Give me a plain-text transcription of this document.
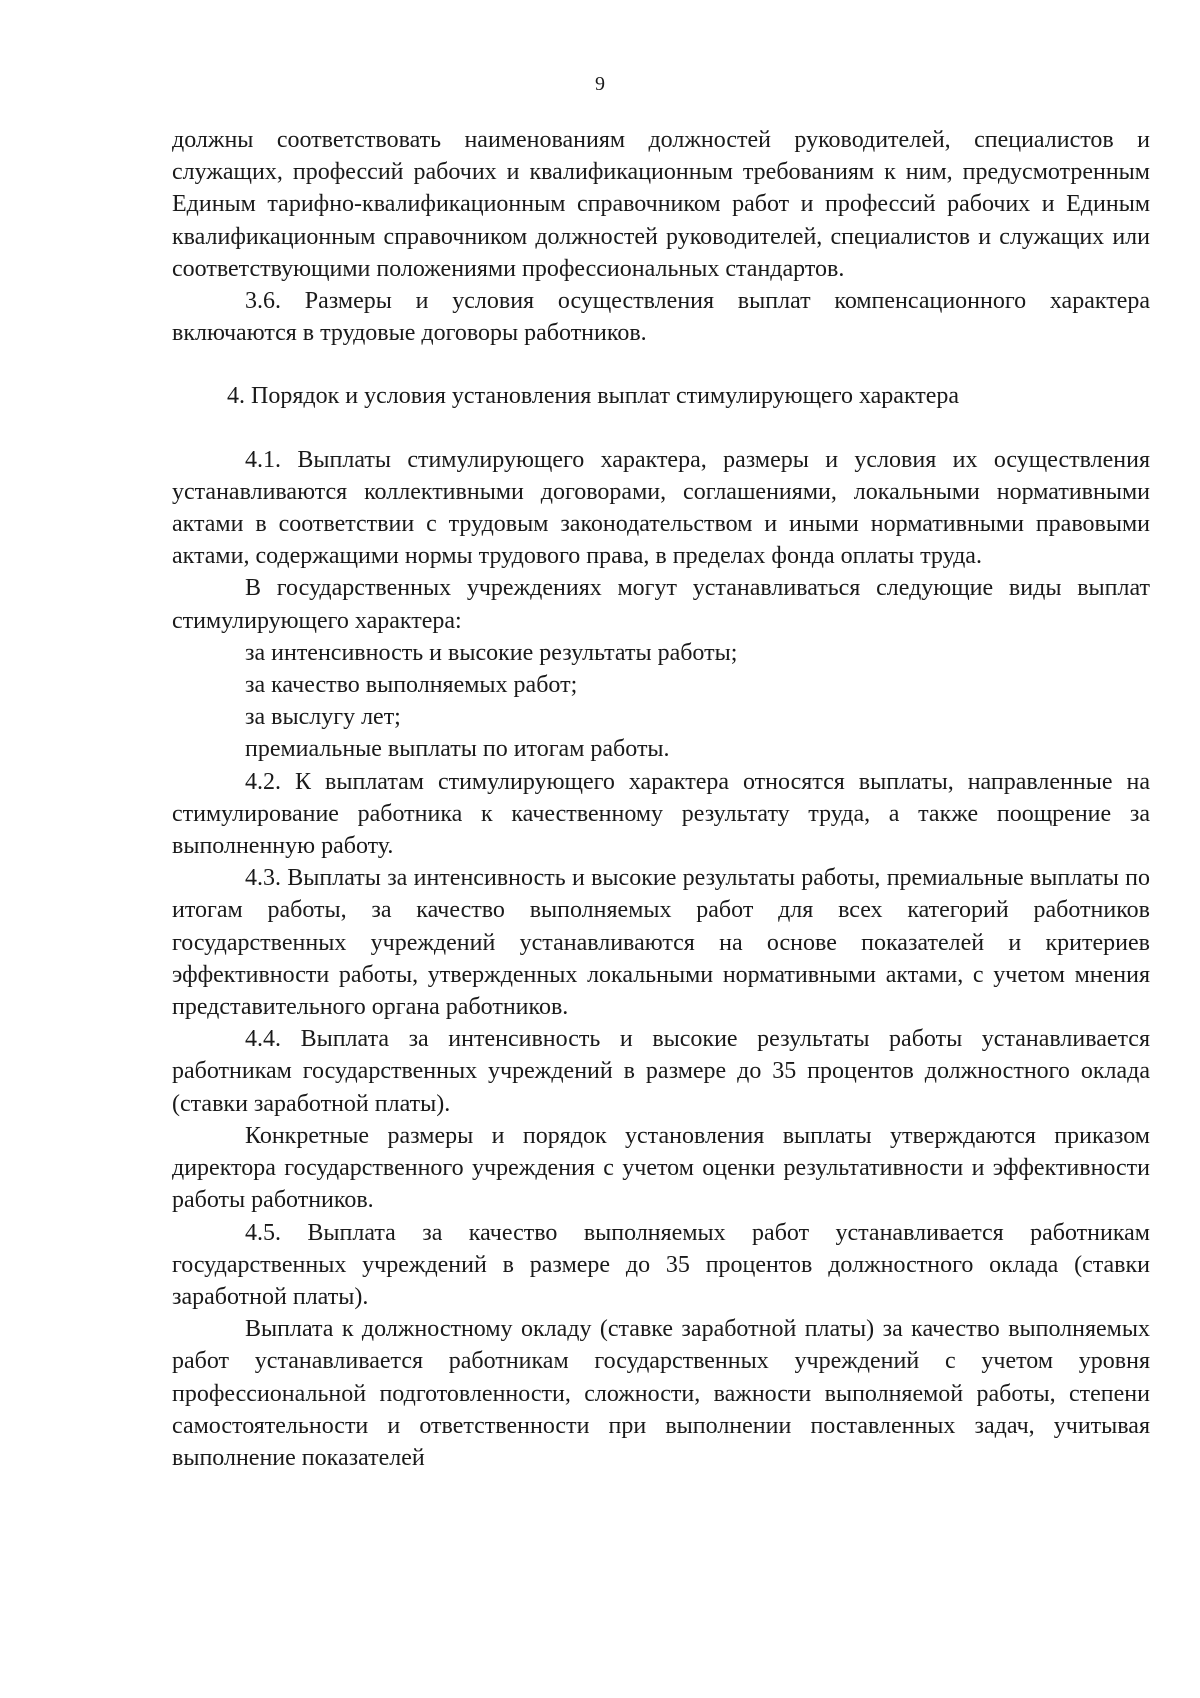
9

должны соответствовать наименованиям должностей руководителей, специалистов и служащих, профессий рабочих и квалификационным требованиям к ним, предусмотренным Единым тарифно-квалификационным справочником работ и профессий рабочих и Единым квалификационным справочником должностей руководителей, специалистов и служащих или соответствующими положениями профессиональных стандартов.

3.6. Размеры и условия осуществления выплат компенсационного характера включаются в трудовые договоры работников.

4. Порядок и условия установления выплат стимулирующего характера

4.1. Выплаты стимулирующего характера, размеры и условия их осуществления устанавливаются коллективными договорами, соглашениями, локальными нормативными актами в соответствии с трудовым законодательством и иными нормативными правовыми актами, содержащими нормы трудового права, в пределах фонда оплаты труда.

В государственных учреждениях могут устанавливаться следующие виды выплат стимулирующего характера:

за интенсивность и высокие результаты работы;

за качество выполняемых работ;

за выслугу лет;

премиальные выплаты по итогам работы.

4.2. К выплатам стимулирующего характера относятся выплаты, направленные на стимулирование работника к качественному результату труда, а также поощрение за выполненную работу.

4.3. Выплаты за интенсивность и высокие результаты работы, премиальные выплаты по итогам работы, за качество выполняемых работ для всех категорий работников государственных учреждений устанавливаются на основе показателей и критериев эффективности работы, утвержденных локальными нормативными актами, с учетом мнения представительного органа работников.

4.4. Выплата за интенсивность и высокие результаты работы устанавливается работникам государственных учреждений в размере до 35 процентов должностного оклада (ставки заработной платы).

Конкретные размеры и порядок установления выплаты утверждаются приказом директора государственного учреждения с учетом оценки результативности и эффективности работы работников.

4.5. Выплата за качество выполняемых работ устанавливается работникам государственных учреждений в размере до 35 процентов должностного оклада (ставки заработной платы).

Выплата к должностному окладу (ставке заработной платы) за качество выполняемых работ устанавливается работникам государственных учреждений с учетом уровня профессиональной подготовленности, сложности, важности выполняемой работы, степени самостоятельности и ответственности при выполнении поставленных задач, учитывая выполнение показателей
